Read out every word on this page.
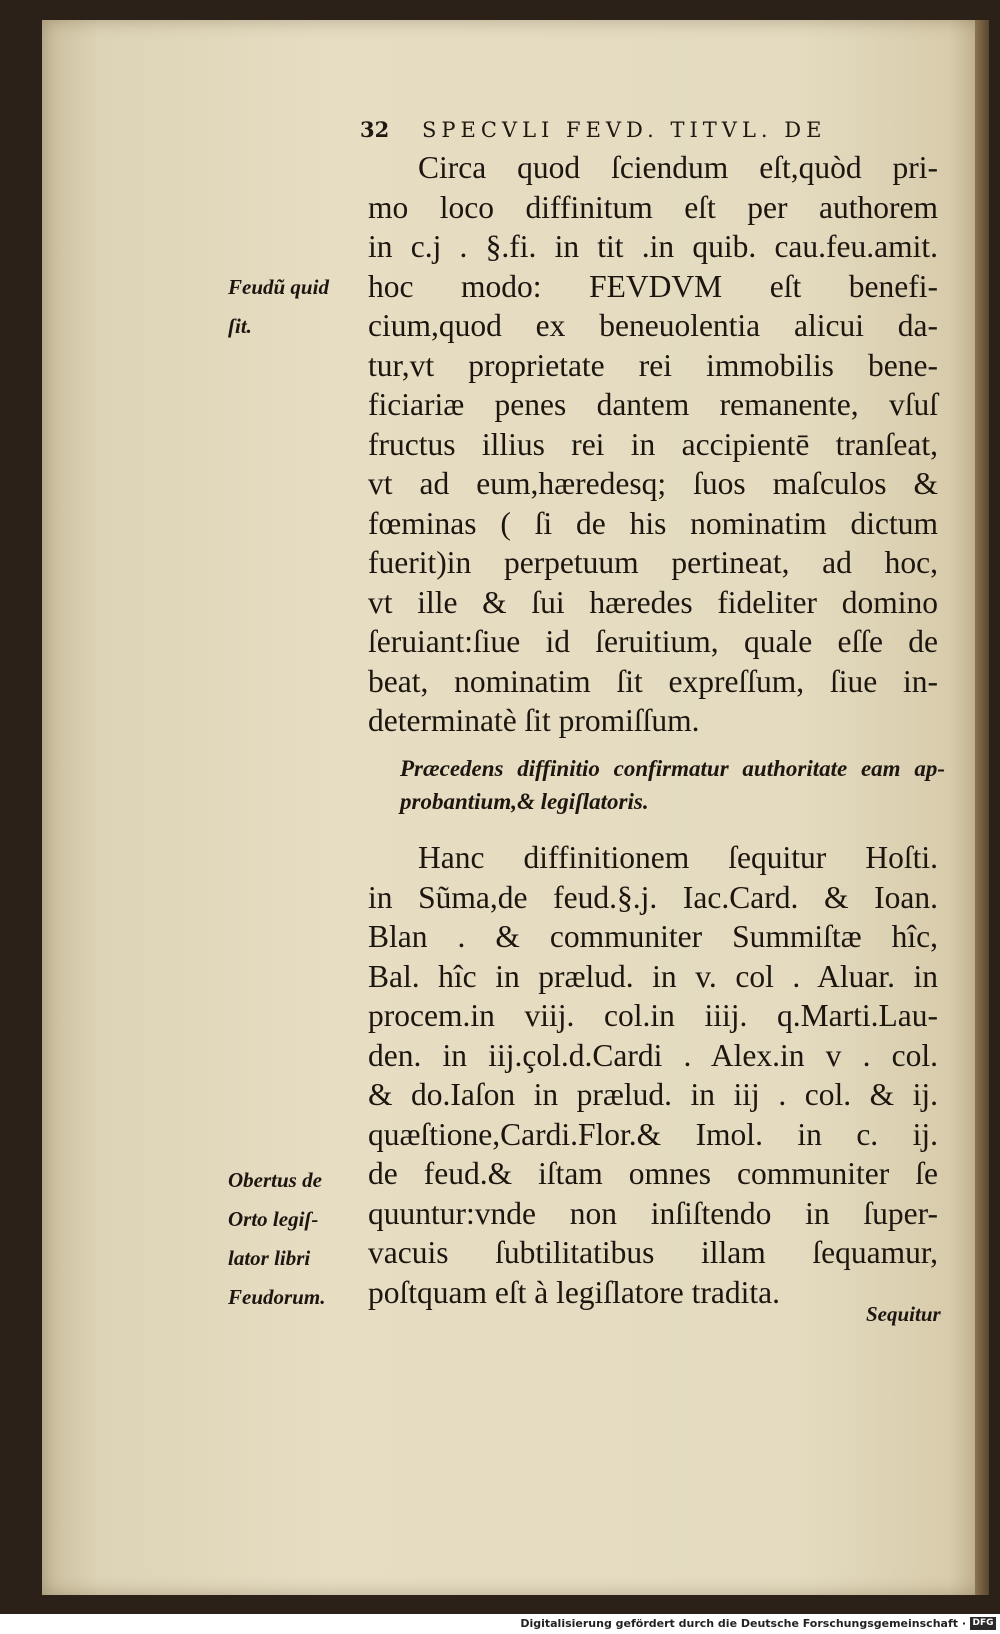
32 SPECVLI FEVD. TITVL. DE
Circa quod ſciendum eſt,quòd pri-
mo loco diffinitum eſt per authorem
in c.j . §.fi. in tit .in quib. cau.feu.amit.
hoc modo: FEVDVM eſt benefi-
cium,quod ex beneuolentia alicui da-
tur,vt proprietate rei immobilis bene-
ficiariæ penes dantem remanente, vſuſ
fructus illius rei in accipientē tranſeat,
vt ad eum,hæredesq; ſuos maſculos &
fœminas ( ſi de his nominatim dictum
fuerit)in perpetuum pertineat, ad hoc,
vt ille & ſui hæredes fideliter domino
ſeruiant:ſiue id ſeruitium, quale eſſe de
beat, nominatim ſit expreſſum, ſiue in-
determinatè ſit promiſſum.
Præcedens diffinitio confirmatur authoritate eam ap-
probantium,& legiſlatoris.
Hanc diffinitionem ſequitur Hoſti.
in Sũma,de feud.§.j. Iac.Card. & Ioan.
Blan . & communiter Summiſtæ hîc,
Bal. hîc in prælud. in v. col . Aluar. in
procem.in viij. col.in iiij. q.Marti.Lau-
den. in iij.çol.d.Cardi . Alex.in v . col.
& do.Iaſon in prælud. in iij . col. & ij.
quæſtione,Cardi.Flor.& Imol. in c. ij.
de feud.& iſtam omnes communiter ſe
quuntur:vnde non inſiſtendo in ſuper-
vacuis ſubtilitatibus illam ſequamur,
poſtquam eſt à legiſlatore tradita.
Feudũ quid
ſit.
Obertus de
Orto legiſ-
lator libri
Feudorum.
Sequitur
Digitalisierung gefördert durch die Deutsche Forschungsgemeinschaft · DFG
